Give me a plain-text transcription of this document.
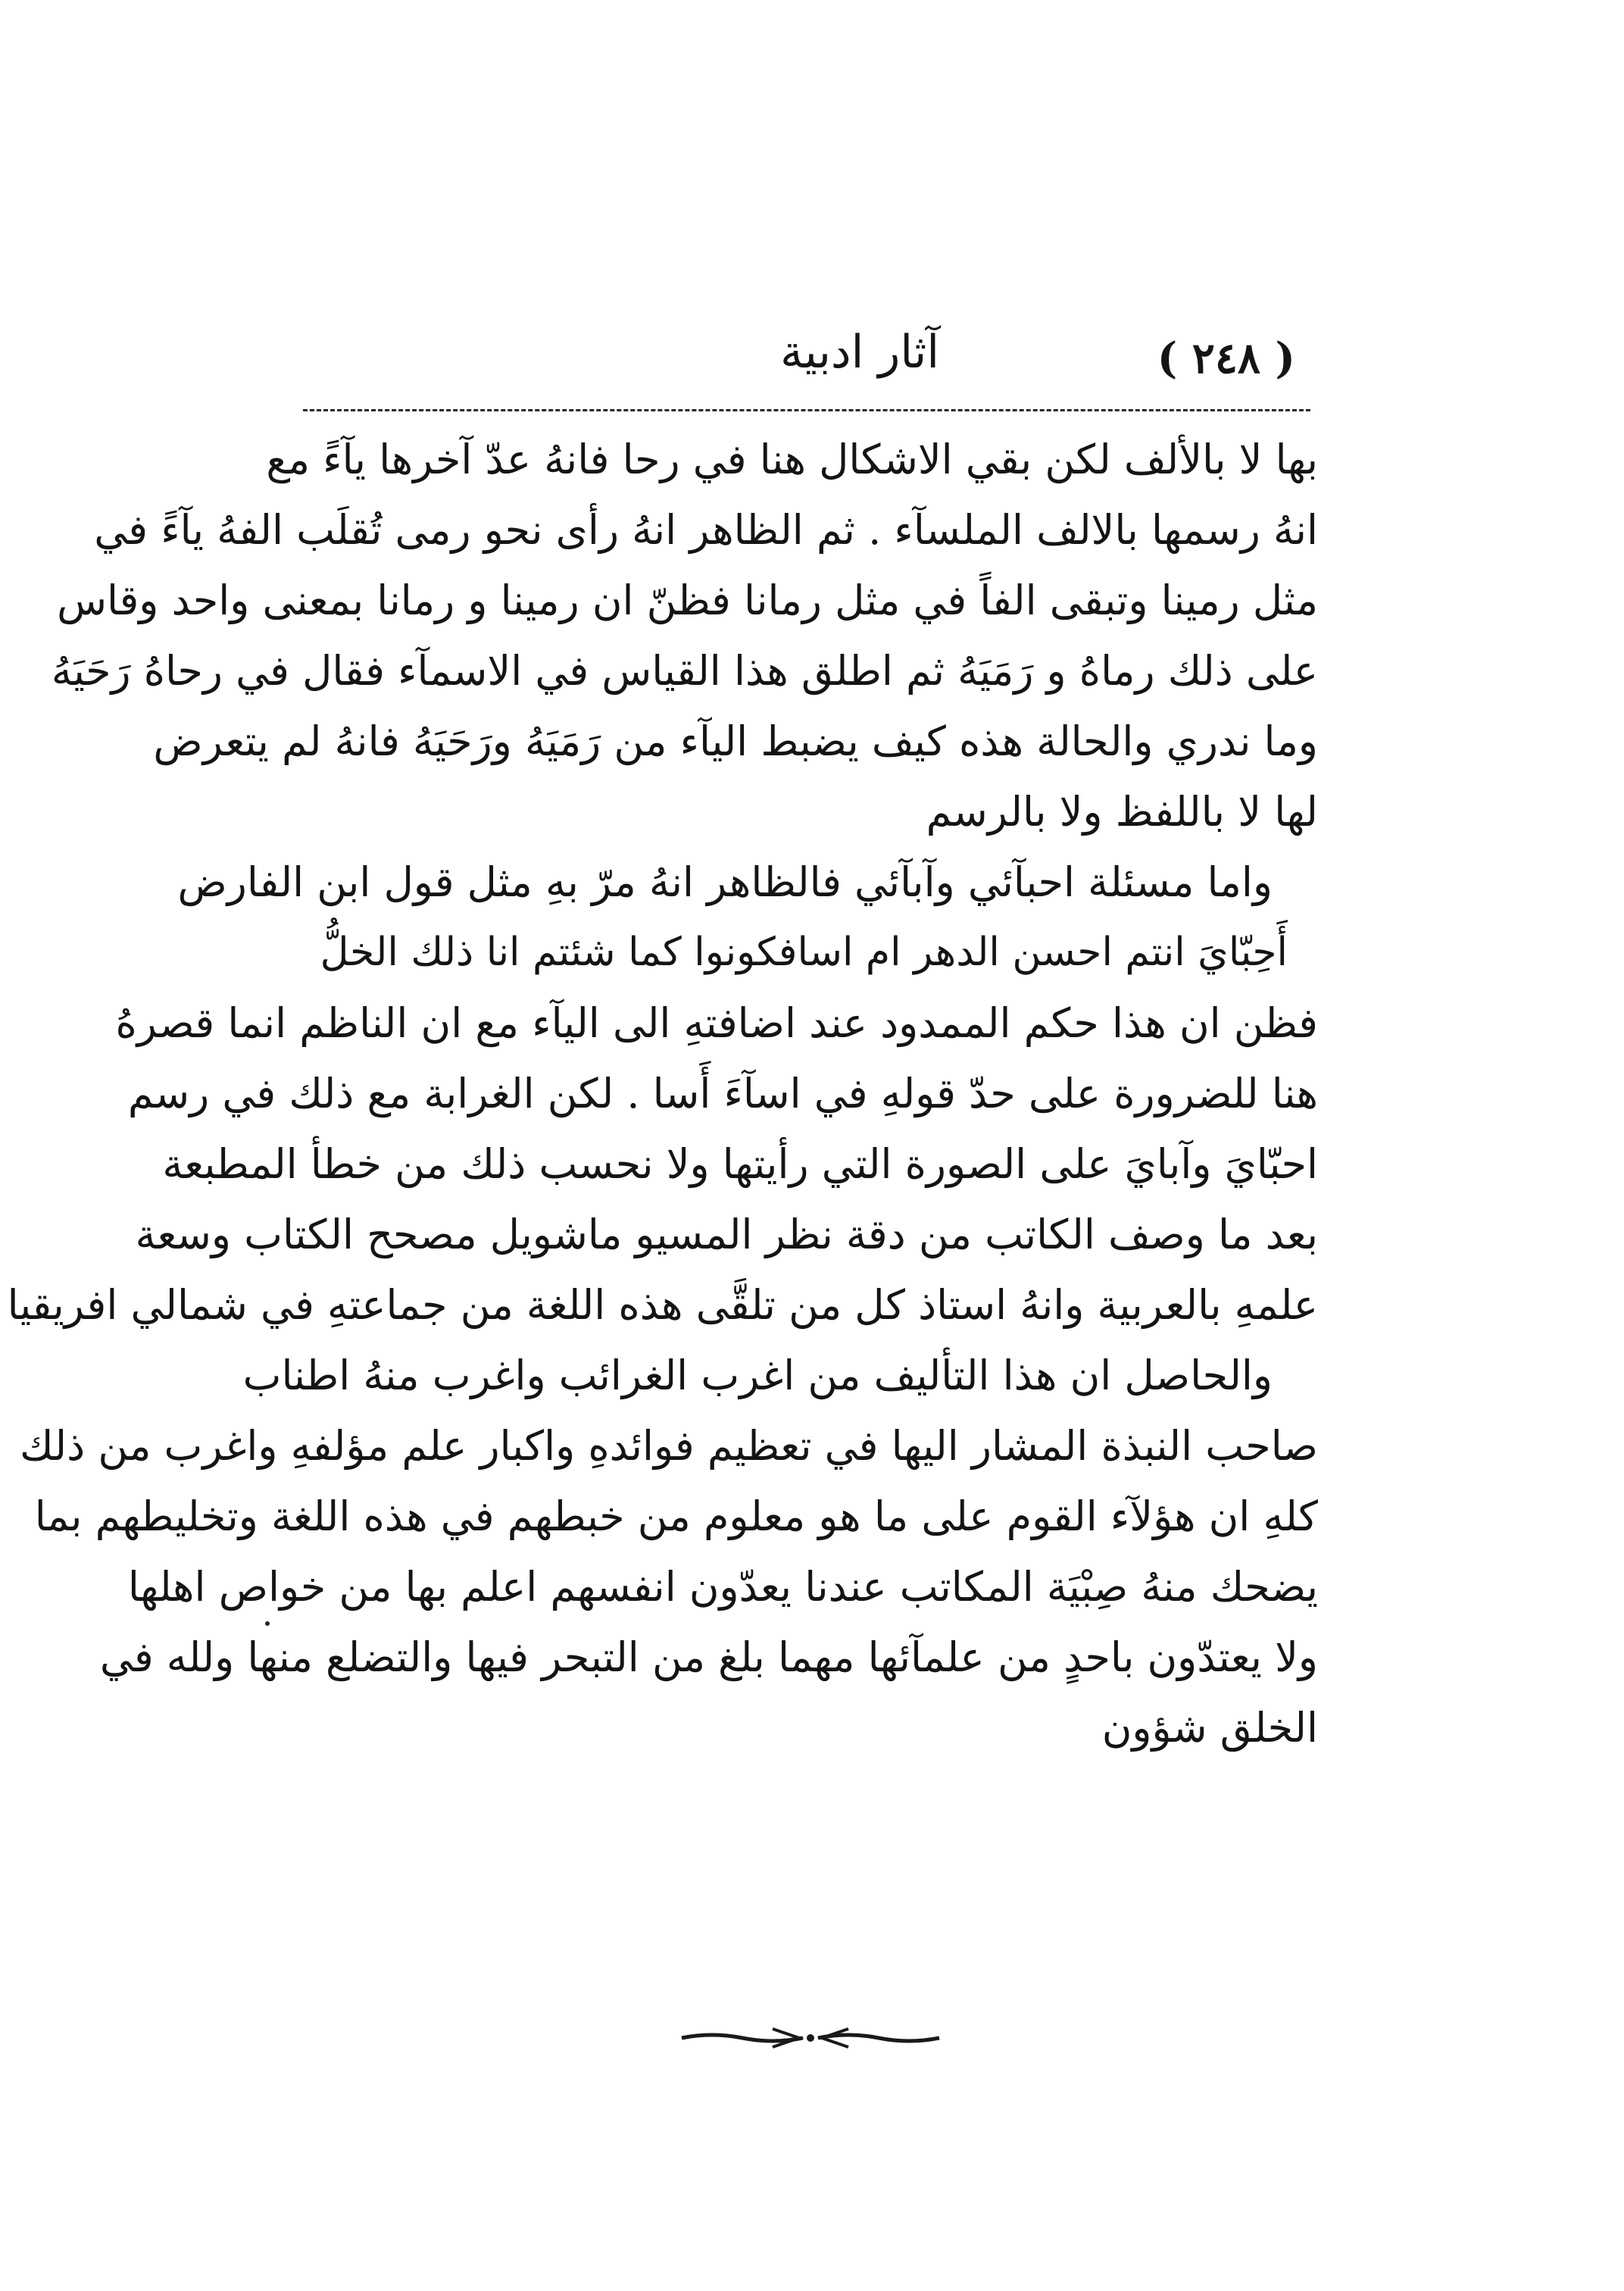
( ٢٤٨ )
آثار ادبية
بها لا بالألف لكن بقي الاشكال هنا في رحا فانهُ عدّ آخرها يآءً مع
انهُ رسمها بالالف الملسآء . ثم الظاهر انهُ رأى نحو رمى تُقلَب الفهُ يآءً في
مثل رمينا وتبقى الفاً في مثل رمانا فظنّ ان رمينا و رمانا بمعنى واحد وقاس
على ذلك رماهُ و رَمَيَهُ ثم اطلق هذا القياس في الاسمآء فقال في رحاهُ رَحَيَهُ
وما ندري والحالة هذه كيف يضبط اليآء من رَمَيَهُ ورَحَيَهُ فانهُ لم يتعرض
لها لا باللفظ ولا بالرسم
واما مسئلة احبآئي وآبآئي فالظاهر انهُ مرّ بهِ مثل قول ابن الفارض
أَحِبّايَ انتم احسن الدهر ام اسا
فكونوا كما شئتم انا ذلك الخلُّ
فظن ان هذا حكم الممدود عند اضافتهِ الى اليآء مع ان الناظم انما قصرهُ
هنا للضرورة على حدّ قولهِ في اسآءَ أَسا . لكن الغرابة مع ذلك في رسم
احبّايَ وآبايَ على الصورة التي رأيتها ولا نحسب ذلك من خطأ المطبعة
بعد ما وصف الكاتب من دقة نظر المسيو ماشويل مصحح الكتاب وسعة
علمهِ بالعربية وانهُ استاذ كل من تلقَّى هذه اللغة من جماعتهِ في شمالي افريقيا
والحاصل ان هذا التأليف من اغرب الغرائب واغرب منهُ اطناب
صاحب النبذة المشار اليها في تعظيم فوائدهِ واكبار علم مؤلفهِ واغرب من ذلك
كلهِ ان هؤلآء القوم على ما هو معلوم من خبطهم في هذه اللغة وتخليطهم بما
يضحك منهُ صِبْيَة المكاتب عندنا يعدّون انفسهم اعلم بها من خواص اهلها
ولا يعتدّون باحدٍ من علمآئها مهما بلغ من التبحر فيها والتضلع منها ولله في
الخلق شؤون
